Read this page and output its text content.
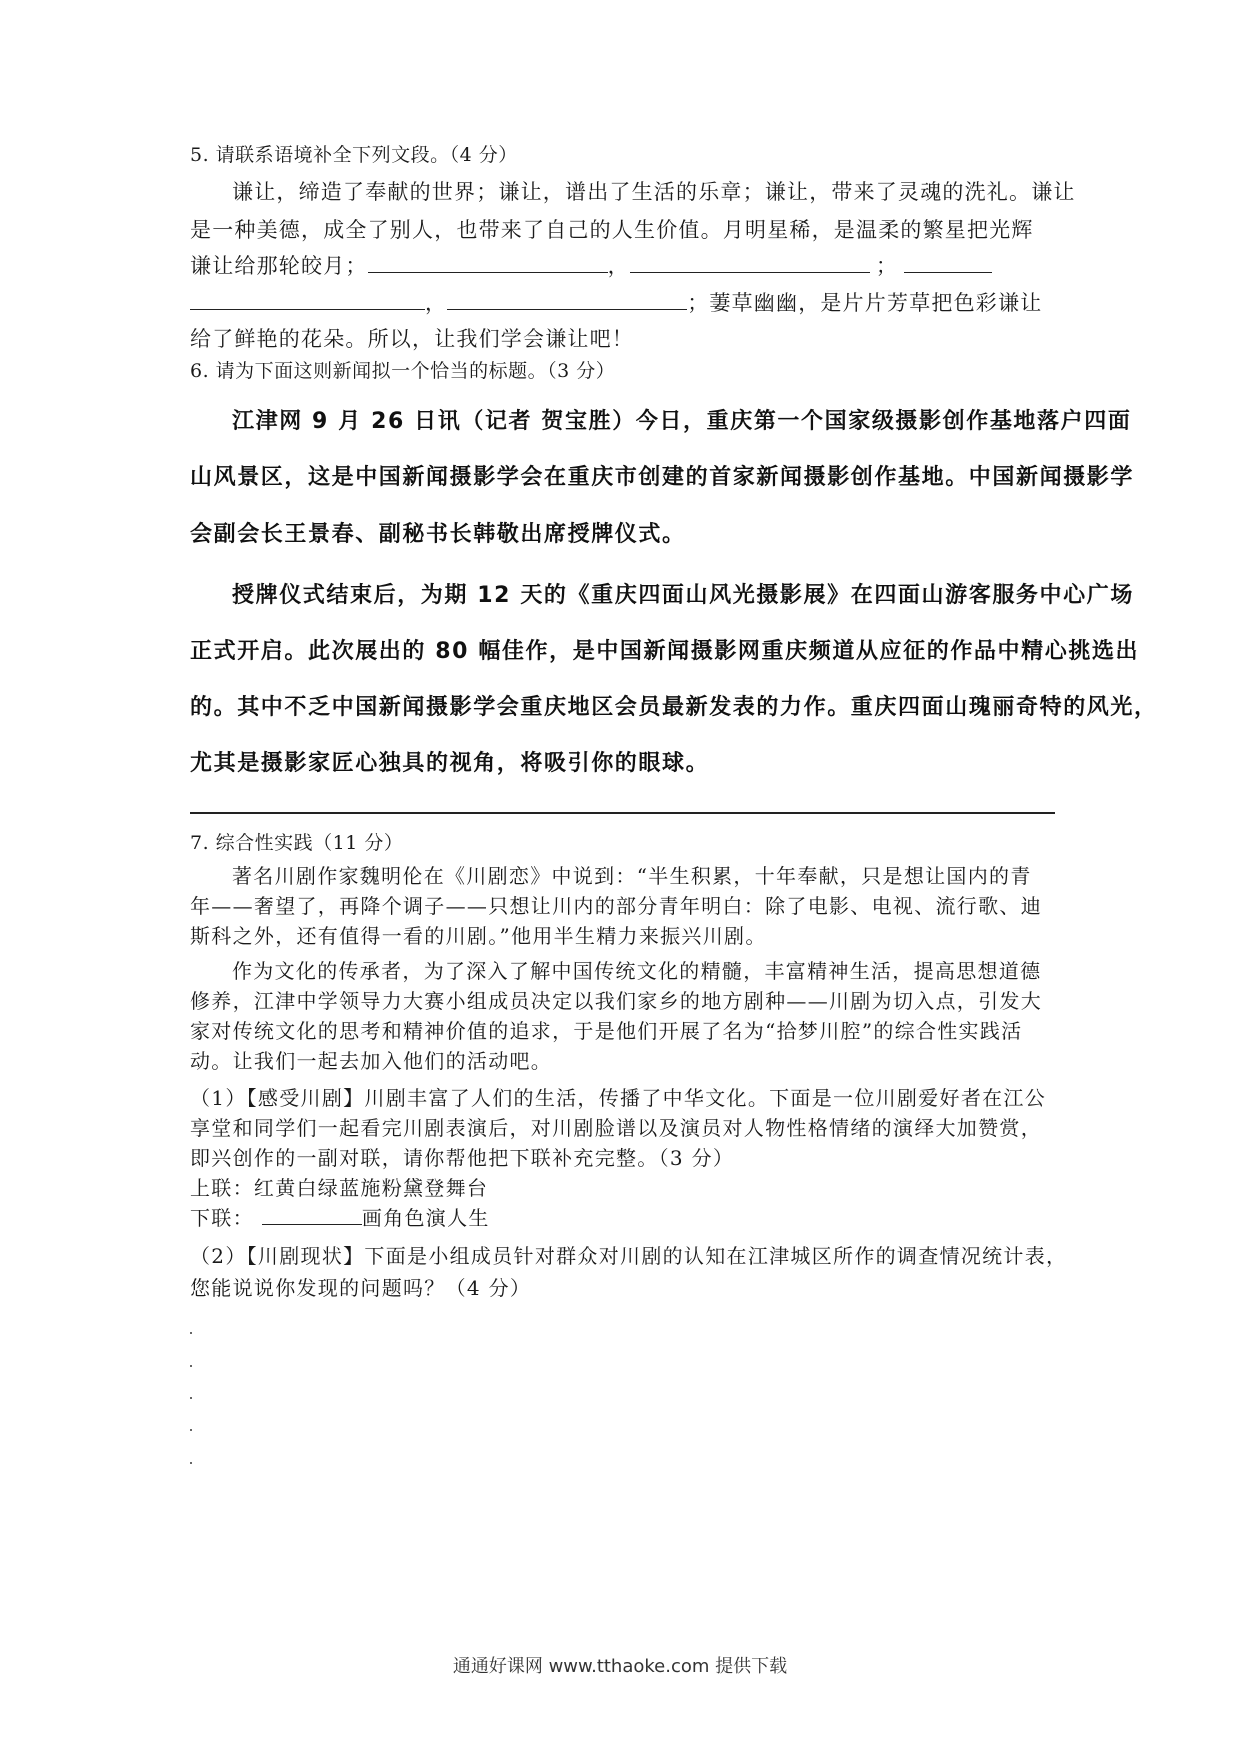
5. 请联系语境补全下列文段。（4 分）
谦让，缔造了奉献的世界；谦让，谱出了生活的乐章；谦让，带来了灵魂的洗礼。谦让
是一种美德，成全了别人，也带来了自己的人生价值。月明星稀，是温柔的繁星把光辉
谦让给那轮皎月；	，	；
，	；萋草幽幽，是片片芳草把色彩谦让
给了鲜艳的花朵。所以，让我们学会谦让吧！
6. 请为下面这则新闻拟一个恰当的标题。（3 分）
江津网 9 月 26 日讯（记者 贺宝胜）今日，重庆第一个国家级摄影创作基地落户四面
山风景区，这是中国新闻摄影学会在重庆市创建的首家新闻摄影创作基地。中国新闻摄影学
会副会长王景春、副秘书长韩敬出席授牌仪式。
授牌仪式结束后，为期 12 天的《重庆四面山风光摄影展》在四面山游客服务中心广场
正式开启。此次展出的 80 幅佳作，是中国新闻摄影网重庆频道从应征的作品中精心挑选出
的。其中不乏中国新闻摄影学会重庆地区会员最新发表的力作。重庆四面山瑰丽奇特的风光，
尤其是摄影家匠心独具的视角，将吸引你的眼球。
7. 综合性实践（11 分）
著名川剧作家魏明伦在《川剧恋》中说到：“半生积累，十年奉献，只是想让国内的青
年——奢望了，再降个调子——只想让川内的部分青年明白：除了电影、电视、流行歌、迪
斯科之外，还有值得一看的川剧。”他用半生精力来振兴川剧。
作为文化的传承者，为了深入了解中国传统文化的精髓，丰富精神生活，提高思想道德
修养，江津中学领导力大赛小组成员决定以我们家乡的地方剧种——川剧为切入点，引发大
家对传统文化的思考和精神价值的追求，于是他们开展了名为“拾梦川腔”的综合性实践活
动。让我们一起去加入他们的活动吧。
（1）【感受川剧】川剧丰富了人们的生活，传播了中华文化。下面是一位川剧爱好者在江公
享堂和同学们一起看完川剧表演后，对川剧脸谱以及演员对人物性格情绪的演绎大加赞赏，
即兴创作的一副对联，请你帮他把下联补充完整。（3 分）
上联：红黄白绿蓝施粉黛登舞台
下联：	画角色演人生
（2）【川剧现状】下面是小组成员针对群众对川剧的认知在江津城区所作的调查情况统计表，
您能说说你发现的问题吗？（4 分）
通通好课网 www.tthaoke.com 提供下载
